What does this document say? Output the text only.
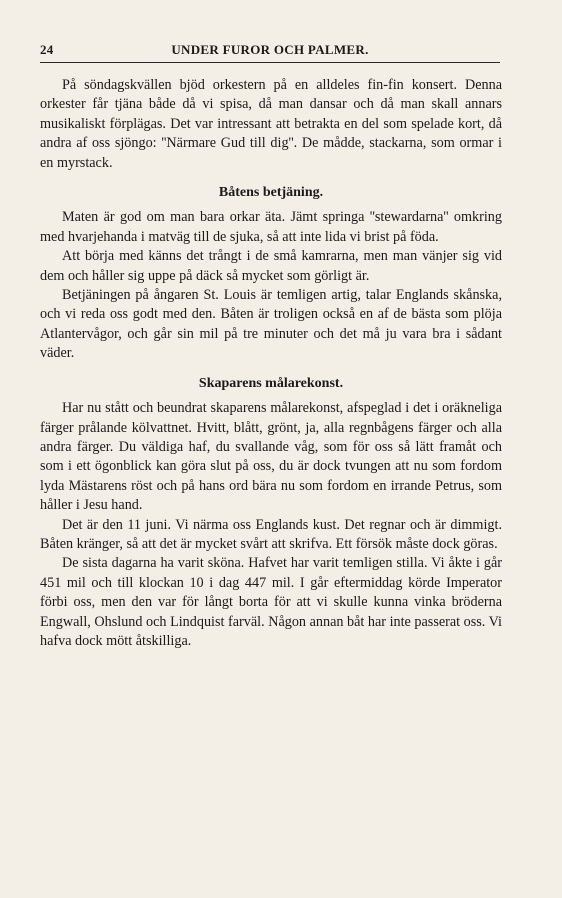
24	UNDER FUROR OCH PALMER.

På söndagskvällen bjöd orkestern på en alldeles fin-fin konsert. Denna orkester får tjäna både då vi spisa, då man dansar och då man skall annars musikaliskt förplägas. Det var intressant att betrakta en del som spelade kort, då andra af oss sjöngo: ''Närmare Gud till dig''. De mådde, stackarna, som ormar i en myrstack.

Båtens betjäning.

Maten är god om man bara orkar äta. Jämt springa ''stewardarna'' omkring med hvarjehanda i matväg till de sjuka, så att inte lida vi brist på föda.

Att börja med känns det trångt i de små kamrarna, men man vänjer sig vid dem och håller sig uppe på däck så mycket som görligt är.

Betjäningen på ångaren St. Louis är temligen artig, talar Englands skånska, och vi reda oss godt med den. Båten är troligen också en af de bästa som plöja Atlantervågor, och går sin mil på tre minuter och det må ju vara bra i sådant väder.

Skaparens målarekonst.

Har nu stått och beundrat skaparens målarekonst, afspeglad i det i oräkneliga färger prålande kölvattnet. Hvitt, blått, grönt, ja, alla regnbågens färger och alla andra färger. Du väldiga haf, du svallande våg, som för oss så lätt framåt och som i ett ögonblick kan göra slut på oss, du är dock tvungen att nu som fordom lyda Mästarens röst och på hans ord bära nu som fordom en irrande Petrus, som håller i Jesu hand.

Det är den 11 juni. Vi närma oss Englands kust. Det regnar och är dimmigt. Båten kränger, så att det är mycket svårt att skrifva. Ett försök måste dock göras.

De sista dagarna ha varit sköna. Hafvet har varit temligen stilla. Vi åkte i går 451 mil och till klockan 10 i dag 447 mil. I går eftermiddag körde Imperator förbi oss, men den var för långt borta för att vi skulle kunna vinka bröderna Engwall, Ohslund och Lindquist farväl. Någon annan båt har inte passerat oss. Vi hafva dock mött åtskilliga.
